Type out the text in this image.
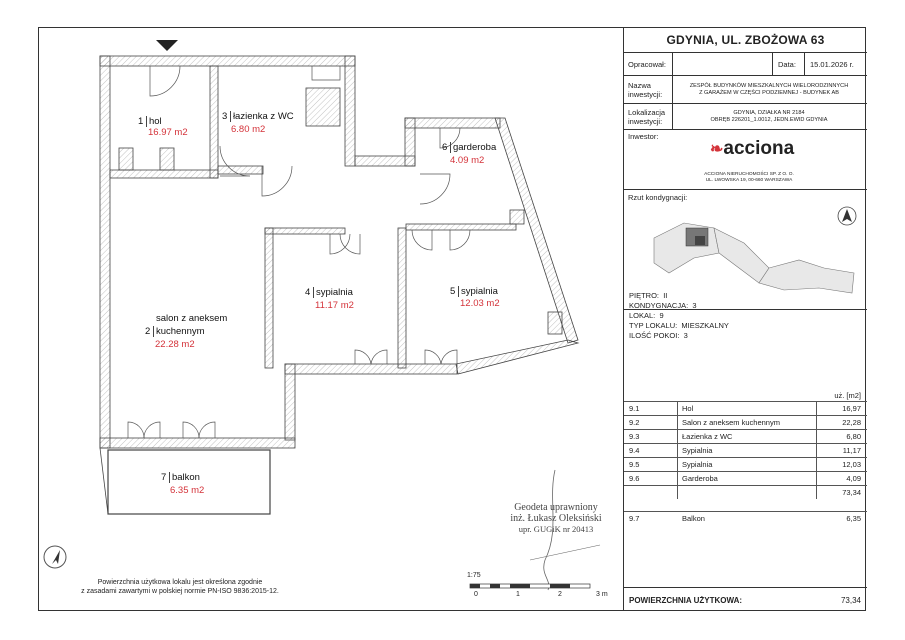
1 hol
16.97 m2
3 łazienka z WC
6.80 m2
6 garderoba
4.09 m2
salon z aneksem
2 kuchennym
22.28 m2
4 sypialnia
11.17 m2
5 sypialnia
12.03 m2
7 balkon
6.35 m2
Geodeta uprawniony
inż. Łukasz Oleksiński
upr. GUGiK nr 20413
Powierzchnia użytkowa lokalu jest określona zgodnie
z zasadami zawartymi w polskiej normie PN-ISO 9836:2015-12.
1:75
0	1	2	3 m
GDYNIA, UL. ZBOŻOWA 63
Opracował:	Data: 15.01.2026 r.
Nazwa inwestycji:
ZESPÓŁ BUDYNKÓW MIESZKALNYCH WIELORODZINNYCH
Z GARAŻEM W CZĘŚCI PODZIEMNEJ - BUDYNEK AB
Lokalizacja inwestycji:
GDYNIA, DZIAŁKA NR 2184
OBRĘB 226201_1.0012, JEDN.EWID GDYNIA
Inwestor:
❧acciona
ACCIONA NIERUCHOMOŚCI SP. Z O. O.
UL. LWOWSKA 19, 00-660 WARSZAWA
Rzut kondygnacji:
PIĘTRO: II
KONDYGNACJA: 3
LOKAL: 9
TYP LOKALU: MIESZKALNY
ILOŚĆ POKOI: 3
uż. [m2]
9.1	Hol	16,97
9.2	Salon z aneksem kuchennym	22,28
9.3	Łazienka z WC	6,80
9.4	Sypialnia	11,17
9.5	Sypialnia	12,03
9.6	Garderoba	4,09
73,34
9.7	Balkon	6,35
POWIERZCHNIA UŻYTKOWA:	73,34
